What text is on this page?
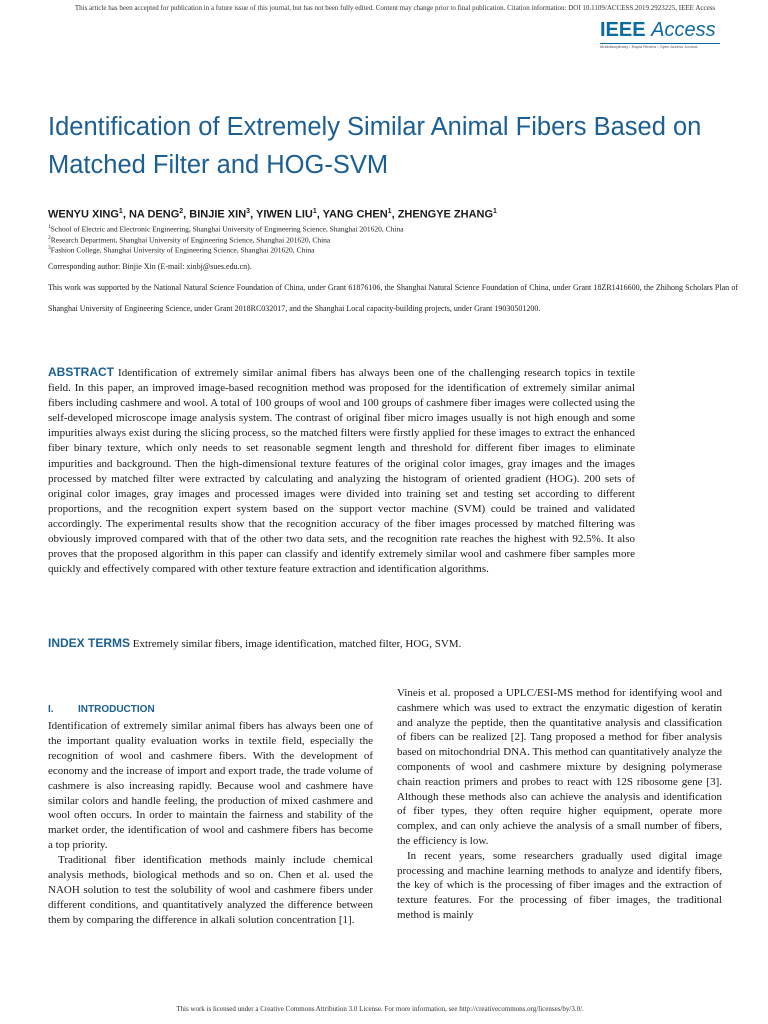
This article has been accepted for publication in a future issue of this journal, but has not been fully edited. Content may change prior to final publication. Citation information: DOI 10.1109/ACCESS.2019.2923225, IEEE Access
IEEE Access
Multidisciplinary ⁞ Rapid Review ⁞ Open Access Journal
Identification of Extremely Similar Animal Fibers Based on Matched Filter and HOG-SVM
WENYU XING$^1$, NA DENG$^2$, BINJIE XIN$^3$, YIWEN LIU$^1$, YANG CHEN$^1$, ZHENGYE ZHANG$^1$
$^1$School of Electric and Electronic Engineering, Shanghai University of Engineering Science, Shanghai 201620, China
$^2$Research Department, Shanghai University of Engineering Science, Shanghai 201620, China
$^3$Fashion College, Shanghai University of Engineering Science, Shanghai 201620, China
Corresponding author: Binjie Xin (E-mail: xinbj@sues.edu.cn).
This work was supported by the National Natural Science Foundation of China, under Grant 61876106, the Shanghai Natural Science Foundation of China, under Grant 18ZR1416600, the Zhihong Scholars Plan of Shanghai University of Engineering Science, under Grant 2018RC032017, and the Shanghai Local capacity-building projects, under Grant 19030501200.
ABSTRACT Identification of extremely similar animal fibers has always been one of the challenging research topics in textile field. In this paper, an improved image-based recognition method was proposed for the identification of extremely similar animal fibers including cashmere and wool. A total of 100 groups of wool and 100 groups of cashmere fiber images were collected using the self-developed microscope image analysis system. The contrast of original fiber micro images usually is not high enough and some impurities always exist during the slicing process, so the matched filters were firstly applied for these images to extract the enhanced fiber binary texture, which only needs to set reasonable segment length and threshold for different fiber images to eliminate impurities and background. Then the high-dimensional texture features of the original color images, gray images and the images processed by matched filter were extracted by calculating and analyzing the histogram of oriented gradient (HOG). 200 sets of original color images, gray images and processed images were divided into training set and testing set according to different proportions, and the recognition expert system based on the support vector machine (SVM) could be trained and validated accordingly. The experimental results show that the recognition accuracy of the fiber images processed by matched filtering was obviously improved compared with that of the other two data sets, and the recognition rate reaches the highest with 92.5%. It also proves that the proposed algorithm in this paper can classify and identify extremely similar wool and cashmere fiber samples more quickly and effectively compared with other texture feature extraction and identification algorithms.
INDEX TERMS Extremely similar fibers, image identification, matched filter, HOG, SVM.
I. INTRODUCTION

Identification of extremely similar animal fibers has always been one of the important quality evaluation works in textile field, especially the recognition of wool and cashmere fibers. With the development of economy and the increase of import and export trade, the trade volume of cashmere is also increasing rapidly. Because wool and cashmere have similar colors and handle feeling, the production of mixed cashmere and wool often occurs. In order to maintain the fairness and stability of the market order, the identification of wool and cashmere fibers has become a top priority.

Traditional fiber identification methods mainly include chemical analysis methods, biological methods and so on. Chen et al. used the NAOH solution to test the solubility of wool and cashmere fibers under different conditions, and quantitatively analyzed the difference between them by comparing the difference in alkali solution concentration [1].

Vineis et al. proposed a UPLC/ESI-MS method for identifying wool and cashmere which was used to extract the enzymatic digestion of keratin and analyze the peptide, then the quantitative analysis and classification of fibers can be realized [2]. Tang proposed a method for fiber analysis based on mitochondrial DNA. This method can quantitatively analyze the components of wool and cashmere mixture by designing polymerase chain reaction primers and probes to react with 12S ribosome gene [3]. Although these methods also can achieve the analysis and identification of fiber types, they often require higher equipment, operate more complex, and can only achieve the analysis of a small number of fibers, the efficiency is low.

In recent years, some researchers gradually used digital image processing and machine learning methods to analyze and identify fibers, the key of which is the processing of fiber images and the extraction of texture features. For the processing of fiber images, the traditional method is mainly

This work is licensed under a Creative Commons Attribution 3.0 License. For more information, see http://creativecommons.org/licenses/by/3.0/.
